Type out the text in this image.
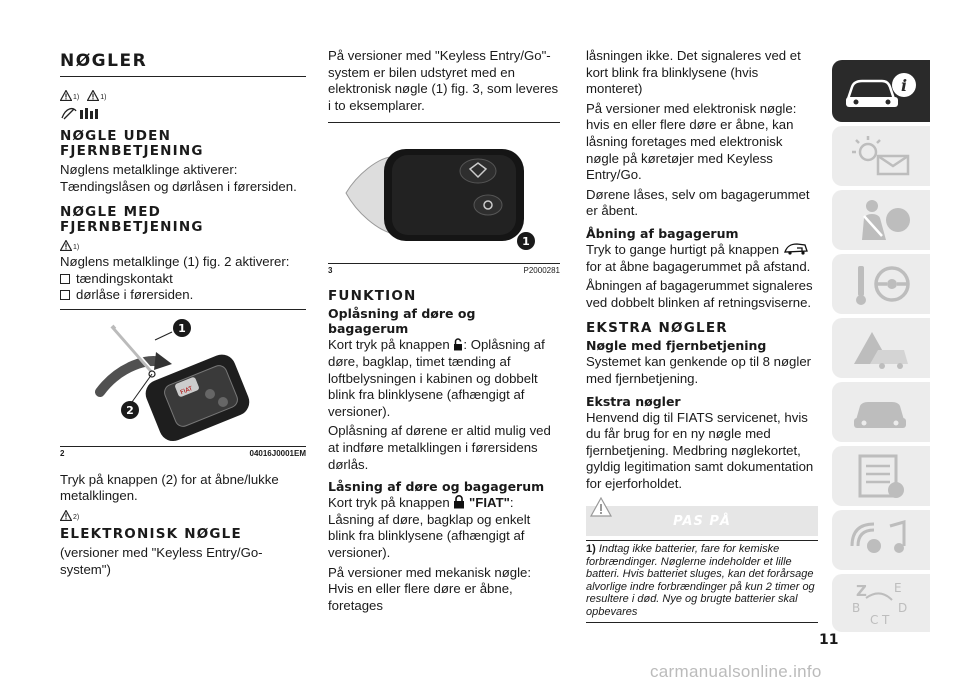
NØGLER
1)	1)
NØGLE UDEN FJERNBETJENING
Nøglens metalklinge aktiverer: Tændingslåsen og dørlåsen i førersiden.
NØGLE MED FJERNBETJENING
1)
Nøglens metalklinge (1) fig. 2 aktiverer:
tændingskontakt
dørlåse i førersiden.
FIAT
1
2
2	04016J0001EM
Tryk på knappen (2) for at åbne/lukke metalklingen.
2)
ELEKTRONISK NØGLE
(versioner med "Keyless Entry/Go-system")
På versioner med "Keyless Entry/Go"-system er bilen udstyret med en elektronisk nøgle (1) fig. 3, som leveres i to eksemplarer.
1
3	P2000281
FUNKTION
Oplåsning af døre og bagagerum
Kort tryk på knappen : Oplåsning af døre, bagklap, timet tænding af loftbelysningen i kabinen og dobbelt blink fra blinklysene (afhængigt af versioner).
Oplåsning af dørene er altid mulig ved at indføre metalklingen i førersidens dørlås.
Låsning af døre og bagagerum
Kort tryk på knappen "FIAT": Låsning af døre, bagklap og enkelt blink fra blinklysene (afhængigt af versioner).
På versioner med mekanisk nøgle: Hvis en eller flere døre er åbne, foretages
låsningen ikke. Det signaleres ved et kort blink fra blinklysene (hvis monteret)
På versioner med elektronisk nøgle: hvis en eller flere døre er åbne, kan låsning foretages med elektronisk nøgle på køretøjer med Keyless Entry/Go.
Dørene låses, selv om bagagerummet er åbent.
Åbning af bagagerum
Tryk to gange hurtigt på knappen  for at åbne bagagerummet på afstand.
Åbningen af bagagerummet signaleres ved dobbelt blinken af retningsviserne.
EKSTRA NØGLER
Nøgle med fjernbetjening
Systemet kan genkende op til 8 nøgler med fjernbetjening.
Ekstra nøgler
Henvend dig til FIATS servicenet, hvis du får brug for en ny nøgle med fjernbetjening. Medbring nøglekortet, gyldig legitimation samt dokumentation for ejerforholdet.
PAS PÅ
1) Indtag ikke batterier, fare for kemiske forbrændinger. Nøglerne indeholder et lille batteri. Hvis batteriet sluges, kan det forårsage alvorlige indre forbrændinger på kun 2 timer og resultere i død. Nye og brugte batterier skal opbevares
i
Z E
B
C T
D
11
carmanualsonline.info
